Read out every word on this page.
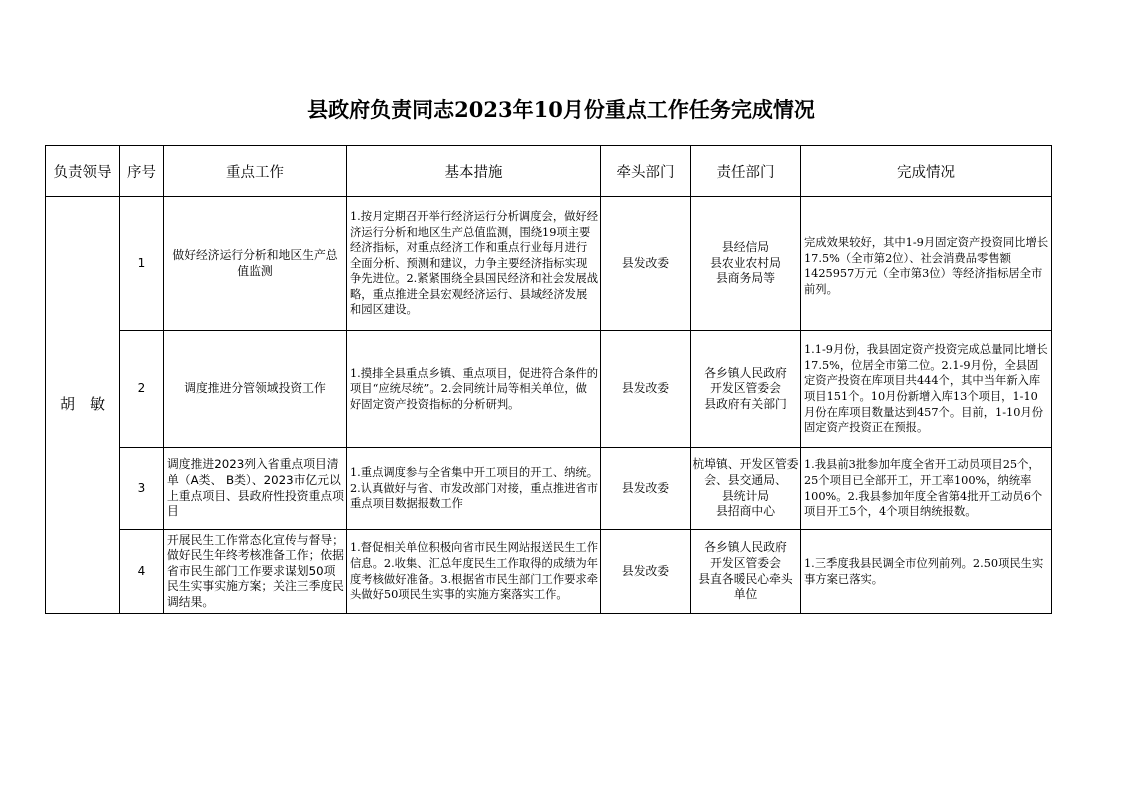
县政府负责同志2023年10月份重点工作任务完成情况
负责领导	序号	重点工作	基本措施	牵头部门	责任部门	完成情况
胡　敏	1	做好经济运行分析和地区生产总值监测	1.按月定期召开举行经济运行分析调度会，做好经济运行分析和地区生产总值监测，围绕19项主要经济指标，对重点经济工作和重点行业每月进行全面分析、预测和建议，力争主要经济指标实现争先进位。2.紧紧围绕全县国民经济和社会发展战略，重点推进全县宏观经济运行、县域经济发展和园区建设。	县发改委	县经信局
县农业农村局
县商务局等	完成效果较好，其中1-9月固定资产投资同比增长17.5%（全市第2位）、社会消费品零售额1425957万元（全市第3位）等经济指标居全市前列。
	2	调度推进分管领域投资工作	1.摸排全县重点乡镇、重点项目，促进符合条件的项目“应统尽统”。2.会同统计局等相关单位，做好固定资产投资指标的分析研判。	县发改委	各乡镇人民政府
开发区管委会
县政府有关部门	1.1-9月份，我县固定资产投资完成总量同比增长17.5%，位居全市第二位。2.1-9月份，全县固定资产投资在库项目共444个，其中当年新入库项目151个。10月份新增入库13个项目，1-10月份在库项目数量达到457个。目前，1-10月份固定资产投资正在预报。
	3	调度推进2023列入省重点项目清单（A类、 B类）、2023市亿元以上重点项目、县政府性投资重点项目	1.重点调度参与全省集中开工项目的开工、纳统。2.认真做好与省、市发改部门对接，重点推进省市重点项目数据报数工作	县发改委	杭埠镇、开发区管委会、县交通局、
县统计局
县招商中心	1.我县前3批参加年度全省开工动员项目25个，25个项目已全部开工，开工率100%，纳统率100%。2.我县参加年度全省第4批开工动员6个项目开工5个，4个项目纳统报数。
	4	开展民生工作常态化宣传与督导；做好民生年终考核准备工作；依据省市民生部门工作要求谋划50项民生实事实施方案；关注三季度民调结果。	1.督促相关单位积极向省市民生网站报送民生工作信息。2.收集、汇总年度民生工作取得的成绩为年度考核做好准备。3.根据省市民生部门工作要求牵头做好50项民生实事的实施方案落实工作。	县发改委	各乡镇人民政府
开发区管委会
县直各暖民心牵头
单位	1.三季度我县民调全市位列前列。2.50项民生实事方案已落实。
